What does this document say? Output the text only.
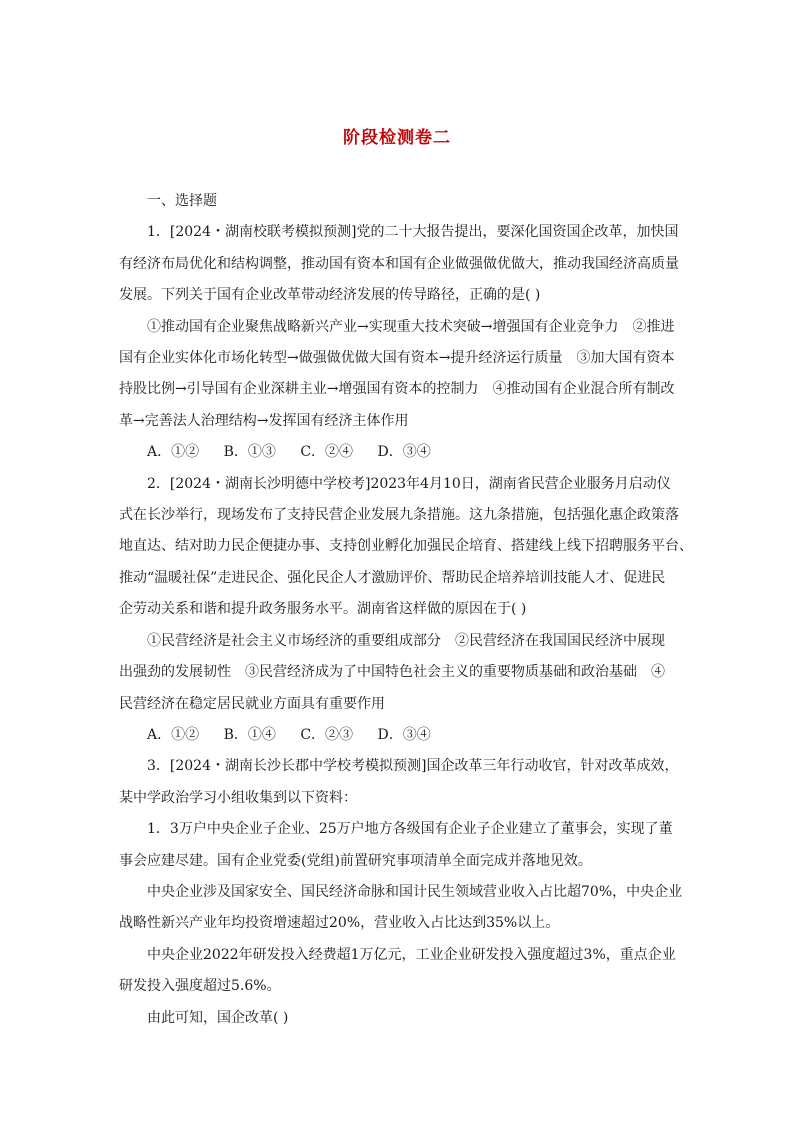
阶段检测卷二

一、选择题

1．[2024・湖南校联考模拟预测]党的二十大报告提出，要深化国资国企改革，加快国

有经济布局优化和结构调整，推动国有资本和国有企业做强做优做大，推动我国经济高质量

发展。下列关于国有企业改革带动经济发展的传导路径，正确的是( )

①推动国有企业聚焦战略新兴产业→实现重大技术突破→增强国有企业竞争力　②推进

国有企业实体化市场化转型→做强做优做大国有资本→提升经济运行质量　③加大国有资本

持股比例→引导国有企业深耕主业→增强国有资本的控制力　④推动国有企业混合所有制改

革→完善法人治理结构→发挥国有经济主体作用

A．①② B．①③ C．②④ D．③④

2．[2024・湖南长沙明德中学校考]2023年4月10日，湖南省民营企业服务月启动仪

式在长沙举行，现场发布了支持民营企业发展九条措施。这九条措施，包括强化惠企政策落

地直达、结对助力民企便捷办事、支持创业孵化加强民企培育、搭建线上线下招聘服务平台、

推动“温暖社保”走进民企、强化民企人才激励评价、帮助民企培养培训技能人才、促进民

企劳动关系和谐和提升政务服务水平。湖南省这样做的原因在于( )

①民营经济是社会主义市场经济的重要组成部分　②民营经济在我国国民经济中展现

出强劲的发展韧性　③民营经济成为了中国特色社会主义的重要物质基础和政治基础　④

民营经济在稳定居民就业方面具有重要作用

A．①② B．①④ C．②③ D．③④

3．[2024・湖南长沙长郡中学校考模拟预测]国企改革三年行动收官，针对改革成效，

某中学政治学习小组收集到以下资料：

1．3万户中央企业子企业、25万户地方各级国有企业子企业建立了董事会，实现了董

事会应建尽建。国有企业党委(党组)前置研究事项清单全面完成并落地见效。

中央企业涉及国家安全、国民经济命脉和国计民生领域营业收入占比超70%，中央企业

战略性新兴产业年均投资增速超过20%，营业收入占比达到35%以上。

中央企业2022年研发投入经费超1万亿元，工业企业研发投入强度超过3%，重点企业

研发投入强度超过5.6%。

由此可知，国企改革( )
